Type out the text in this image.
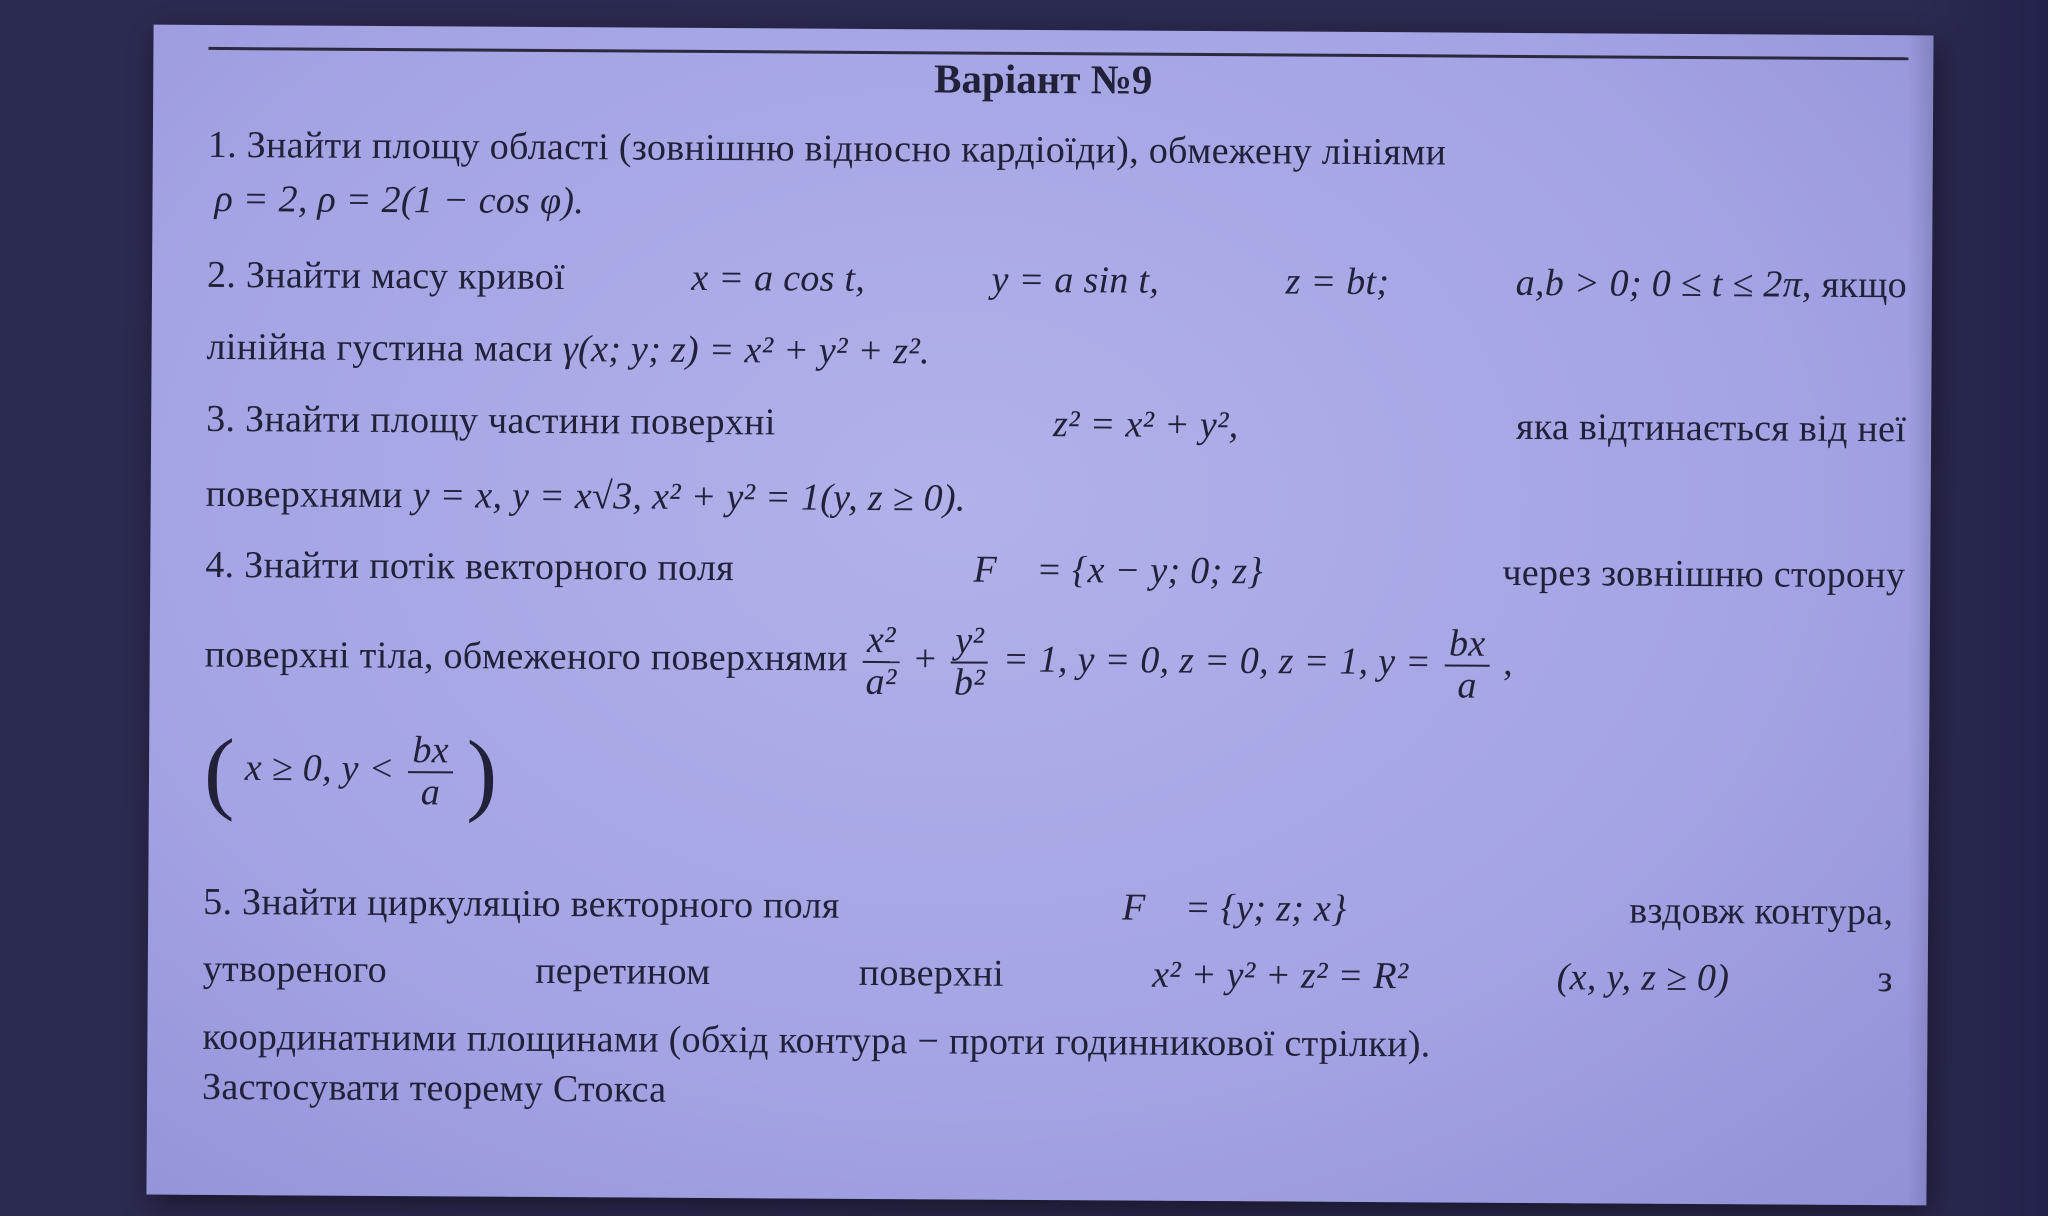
Варіант №9
1. Знайти площу області (зовнішню відносно кардіоїди), обмежену лініями
ρ = 2, ρ = 2(1 − cos φ).
2. Знайти масу кривої	x = a cos t,	y = a sin t,	z = bt;	a,b > 0; 0 ≤ t ≤ 2π, якщо
лінійна густина маси γ(x; y; z) = x² + y² + z².
3. Знайти площу частини поверхні	z² = x² + y²,	яка відтинається від неї
поверхнями y = x, y = x√3, x² + y² = 1(y, z ≥ 0).
4. Знайти потік векторного поля	F⃗ = {x − y; 0; z}	через зовнішню сторону
поверхні тіла, обмеженого поверхнями $\frac{\text{x²}}{\text{a²}} + \frac{\text{y²}}{\text{b²}} = 1$, y = 0, z = 0, z = 1, $y = \frac{bx}{a}$ ,
( x ≥ 0, $y < \frac{bx}{a}$ )
5. Знайти циркуляцію векторного поля	F⃗ = {y; z; x}	вздовж контура,
утвореного	перетином	поверхні	x² + y² + z² = R²	(x, y, z ≥ 0)	з
координатними площинами (обхід контура − проти годинникової стрілки).
Застосувати теорему Стокса
